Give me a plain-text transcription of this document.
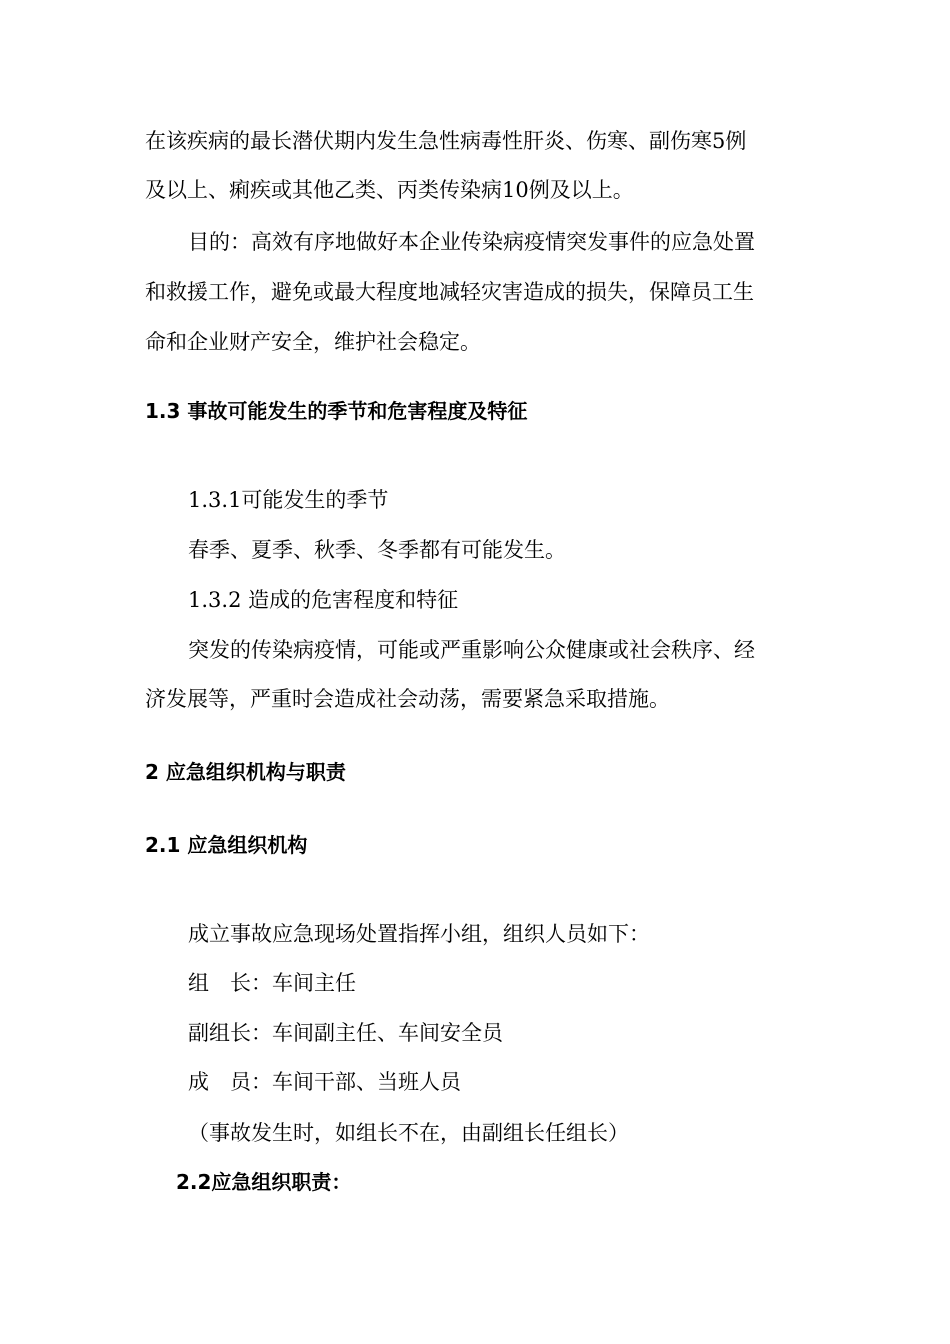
在该疾病的最长潜伏期内发生急性病毒性肝炎、伤寒、副伤寒5例
及以上、痢疾或其他乙类、丙类传染病10例及以上。
目的：高效有序地做好本企业传染病疫情突发事件的应急处置
和救援工作，避免或最大程度地减轻灾害造成的损失，保障员工生
命和企业财产安全，维护社会稳定。
1.3 事故可能发生的季节和危害程度及特征
1.3.1可能发生的季节
春季、夏季、秋季、冬季都有可能发生。
1.3.2 造成的危害程度和特征
突发的传染病疫情，可能或严重影响公众健康或社会秩序、经
济发展等，严重时会造成社会动荡，需要紧急采取措施。
2 应急组织机构与职责
2.1 应急组织机构
成立事故应急现场处置指挥小组，组织人员如下：
组　长：车间主任
副组长：车间副主任、车间安全员
成　员：车间干部、当班人员
（事故发生时，如组长不在，由副组长任组长）
2.2应急组织职责：
